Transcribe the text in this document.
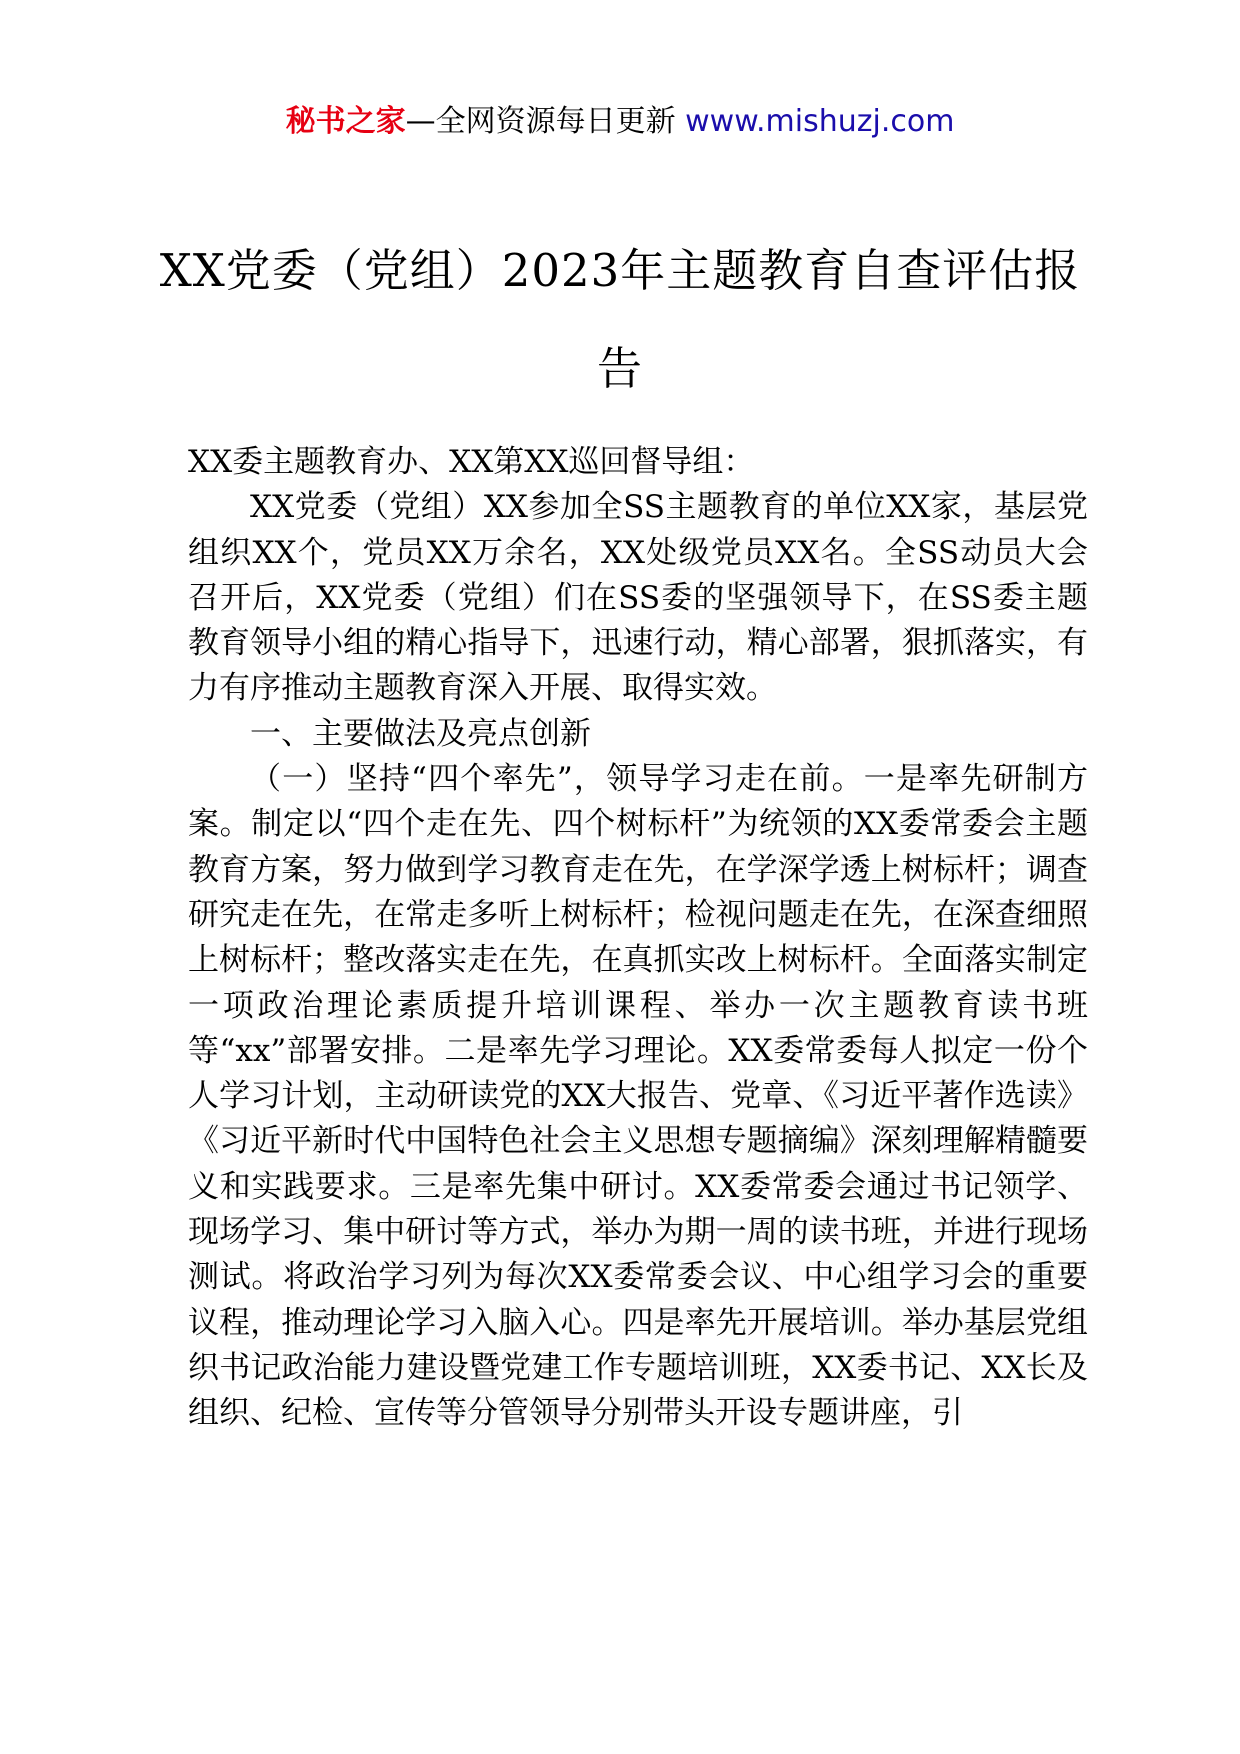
秘书之家—全网资源每日更新 www.mishuzj.com
XX党委（党组）2023年主题教育自查评估报告

XX委主题教育办、XX第XX巡回督导组：

XX党委（党组）XX参加全SS主题教育的单位XX家，基层党组织XX个，党员XX万余名，XX处级党员XX名。全SS动员大会召开后，XX党委（党组）们在SS委的坚强领导下，在SS委主题教育领导小组的精心指导下，迅速行动，精心部署，狠抓落实，有力有序推动主题教育深入开展、取得实效。

一、主要做法及亮点创新

（一）坚持“四个率先”，领导学习走在前。一是率先研制方案。制定以“四个走在先、四个树标杆”为统领的XX委常委会主题教育方案，努力做到学习教育走在先，在学深学透上树标杆；调查研究走在先，在常走多听上树标杆；检视问题走在先，在深查细照上树标杆；整改落实走在先，在真抓实改上树标杆。全面落实制定一项政治理论素质提升培训课程、举办一次主题教育读书班等“xx”部署安排。二是率先学习理论。XX委常委每人拟定一份个人学习计划，主动研读党的XX大报告、党章、《习近平著作选读》《习近平新时代中国特色社会主义思想专题摘编》深刻理解精髓要义和实践要求。三是率先集中研讨。XX委常委会通过书记领学、现场学习、集中研讨等方式，举办为期一周的读书班，并进行现场测试。将政治学习列为每次XX委常委会议、中心组学习会的重要议程，推动理论学习入脑入心。四是率先开展培训。举办基层党组织书记政治能力建设暨党建工作专题培训班，XX委书记、XX长及组织、纪检、宣传等分管领导分别带头开设专题讲座，引
